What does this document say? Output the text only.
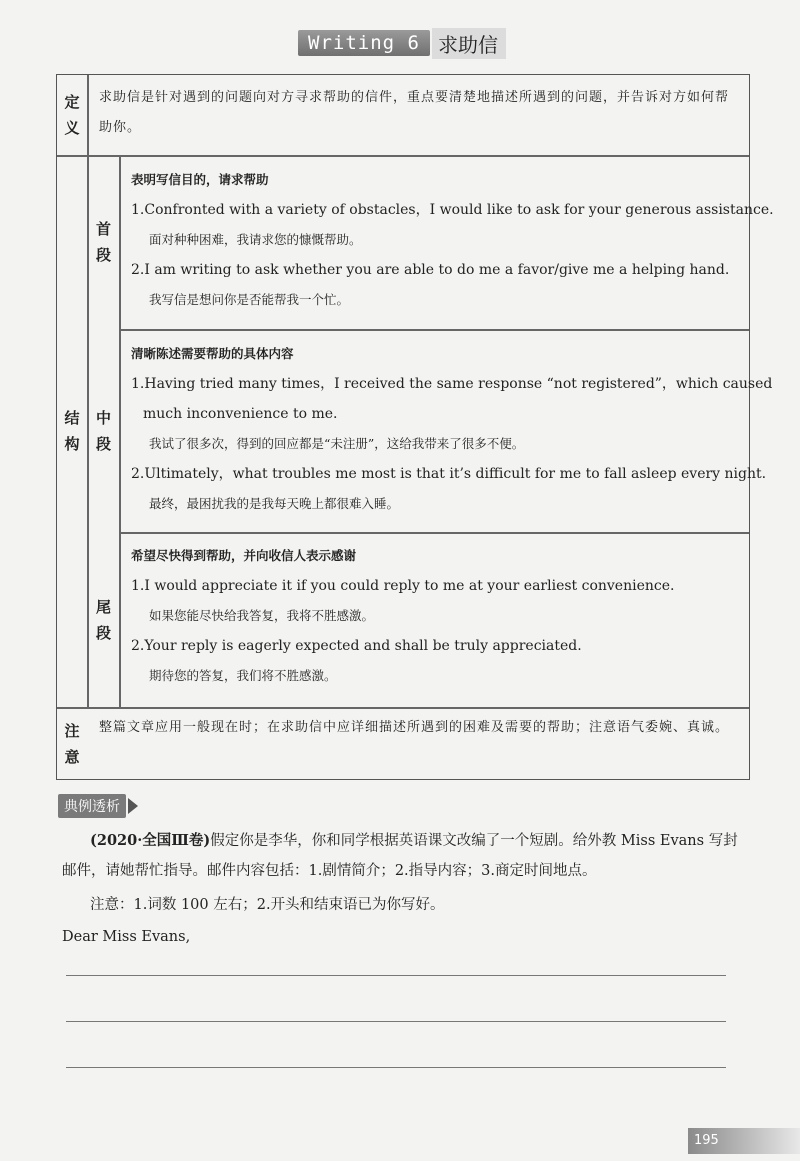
Writing 6 求助信
定
义
求助信是针对遇到的问题向对方寻求帮助的信件，重点要清楚地描述所遇到的问题，并告诉对方如何帮助你。
结
构
首
段

表明写信目的，请求帮助

1.Confronted with a variety of obstacles，I would like to ask for your generous assistance.

面对种种困难，我请求您的慷慨帮助。

2.I am writing to ask whether you are able to do me a favor/give me a helping hand.

我写信是想问你是否能帮我一个忙。

中
段

清晰陈述需要帮助的具体内容

1.Having tried many times，I received the same response “not registered”，which caused

much inconvenience to me.

我试了很多次，得到的回应都是“未注册”，这给我带来了很多不便。

2.Ultimately，what troubles me most is that it’s difficult for me to fall asleep every night.

最终，最困扰我的是我每天晚上都很难入睡。

尾
段

希望尽快得到帮助，并向收信人表示感谢

1.I would appreciate it if you could reply to me at your earliest convenience.

如果您能尽快给我答复，我将不胜感激。

2.Your reply is eagerly expected and shall be truly appreciated.

期待您的答复，我们将不胜感激。

注
意
整篇文章应用一般现在时；在求助信中应详细描述所遇到的困难及需要的帮助；注意语气委婉、真诚。
典例透析
(2020·全国Ⅲ卷)假定你是李华，你和同学根据英语课文改编了一个短剧。给外教 Miss Evans 写封邮件，请她帮忙指导。邮件内容包括：1.剧情简介；2.指导内容；3.商定时间地点。
注意：1.词数 100 左右；2.开头和结束语已为你写好。
Dear Miss Evans,
195
